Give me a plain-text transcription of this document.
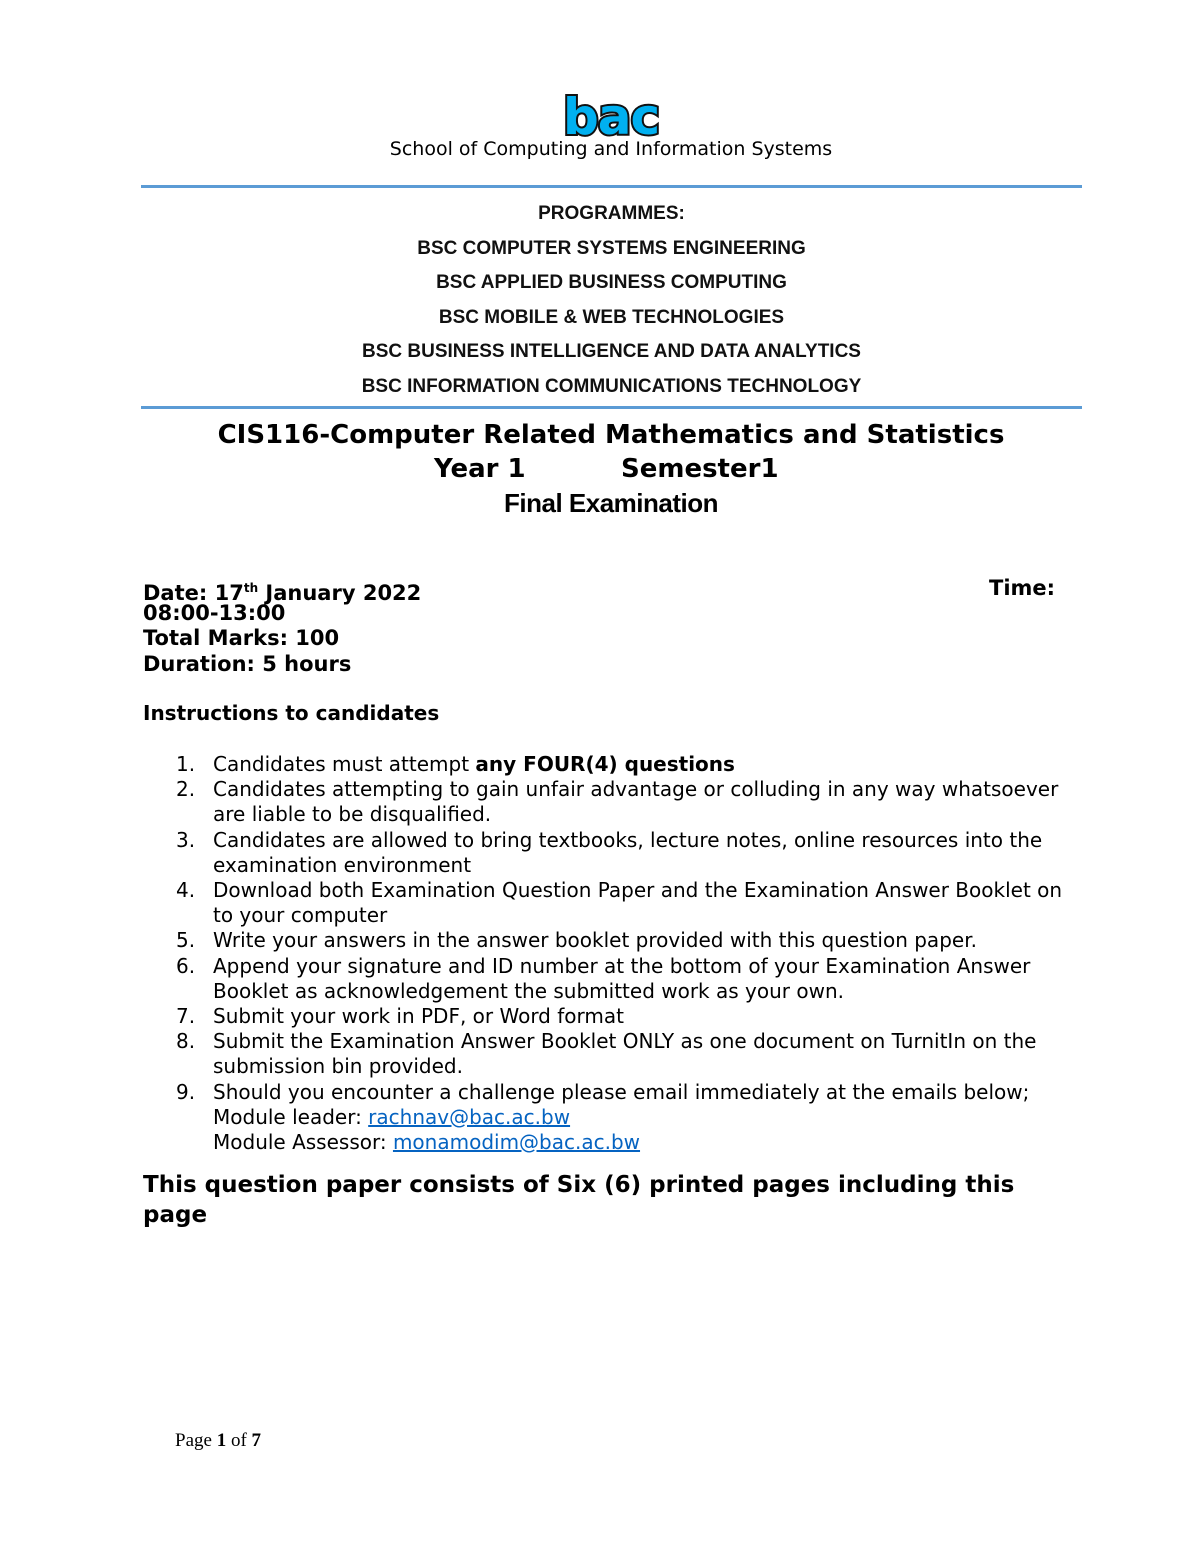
bac
School of Computing and Information Systems
PROGRAMMES:
BSC COMPUTER SYSTEMS ENGINEERING
BSC APPLIED BUSINESS COMPUTING
BSC MOBILE & WEB TECHNOLOGIES
BSC BUSINESS INTELLIGENCE AND DATA ANALYTICS
BSC INFORMATION COMMUNICATIONS TECHNOLOGY
CIS116-Computer Related Mathematics and Statistics
Year 1	Semester1
Final Examination
Date: 17th January 2022	Time:
08:00-13:00
Total Marks: 100
Duration: 5 hours
Instructions to candidates
1. Candidates must attempt any FOUR(4) questions
2. Candidates attempting to gain unfair advantage or colluding in any way whatsoever are liable to be disqualified.
3. Candidates are allowed to bring textbooks, lecture notes, online resources into the examination environment
4. Download both Examination Question Paper and the Examination Answer Booklet on to your computer
5. Write your answers in the answer booklet provided with this question paper.
6. Append your signature and ID number at the bottom of your Examination Answer Booklet as acknowledgement the submitted work as your own.
7. Submit your work in PDF, or Word format
8. Submit the Examination Answer Booklet ONLY as one document on TurnitIn on the submission bin provided.
9. Should you encounter a challenge please email immediately at the emails below; Module leader: rachnav@bac.ac.bw
Module Assessor: monamodim@bac.ac.bw
This question paper consists of Six (6) printed pages including this page
Page 1 of 7
